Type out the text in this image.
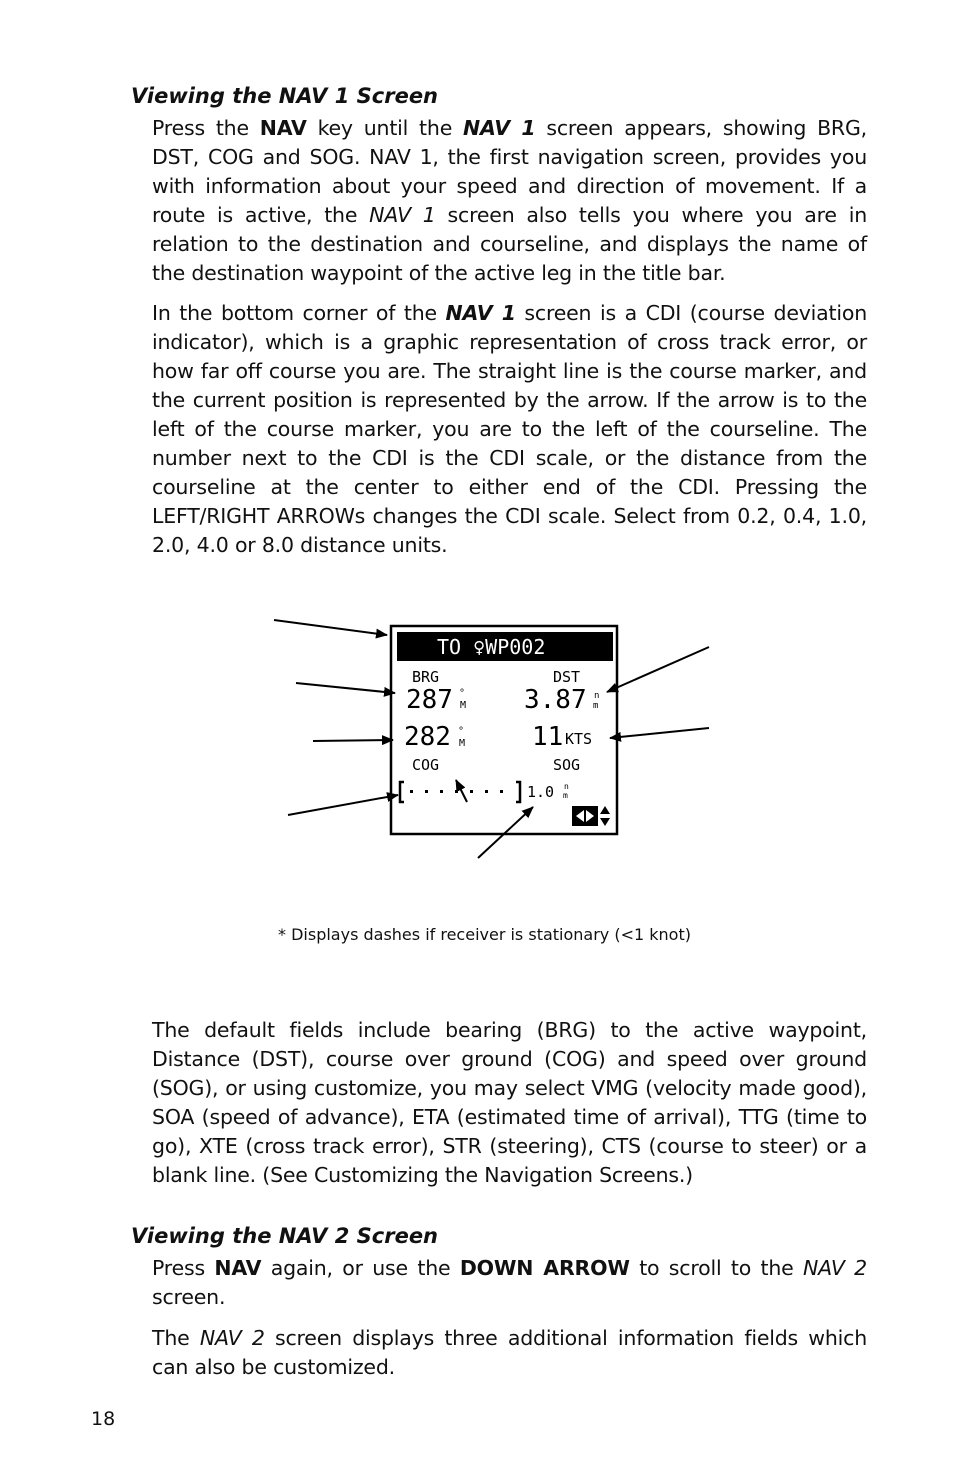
Viewing the NAV 1 Screen
Press the NAV key until the NAV 1 screen appears, showing BRG, DST, COG and SOG. NAV 1, the first navigation screen, provides you with information about your speed and direction of movement. If a route is active, the NAV 1 screen also tells you where you are in relation to the destination and courseline, and displays the name of the destination waypoint of the active leg in the title bar.
In the bottom corner of the NAV 1 screen is a CDI (course deviation indicator), which is a graphic representation of cross track error, or how far off course you are. The straight line is the course marker, and the current position is represented by the arrow. If the arrow is to the left of the course marker, you are to the left of the courseline. The number next to the CDI is the CDI scale, or the distance from the courseline at the center to either end of the CDI. Pressing the LEFT/RIGHT ARROWs changes the CDI scale. Select from 0.2, 0.4, 1.0, 2.0, 4.0 or 8.0 distance units.
TO ♀WP002
BRG	DST
287 °
M 3.87 n
m
282 °
M	11 KTS
COG	SOG
1.0 n
m
* Displays dashes if receiver is stationary (<1 knot)
The default fields include bearing (BRG) to the active waypoint, Distance (DST), course over ground (COG) and speed over ground (SOG), or using customize, you may select VMG (velocity made good), SOA (speed of advance), ETA (estimated time of arrival), TTG (time to go), XTE (cross track error), STR (steering), CTS (course to steer) or a blank line. (See Customizing the Navigation Screens.)
Viewing the NAV 2 Screen
Press NAV again, or use the DOWN ARROW to scroll to the NAV 2 screen.
The NAV 2 screen displays three additional information fields which can also be customized.
18
